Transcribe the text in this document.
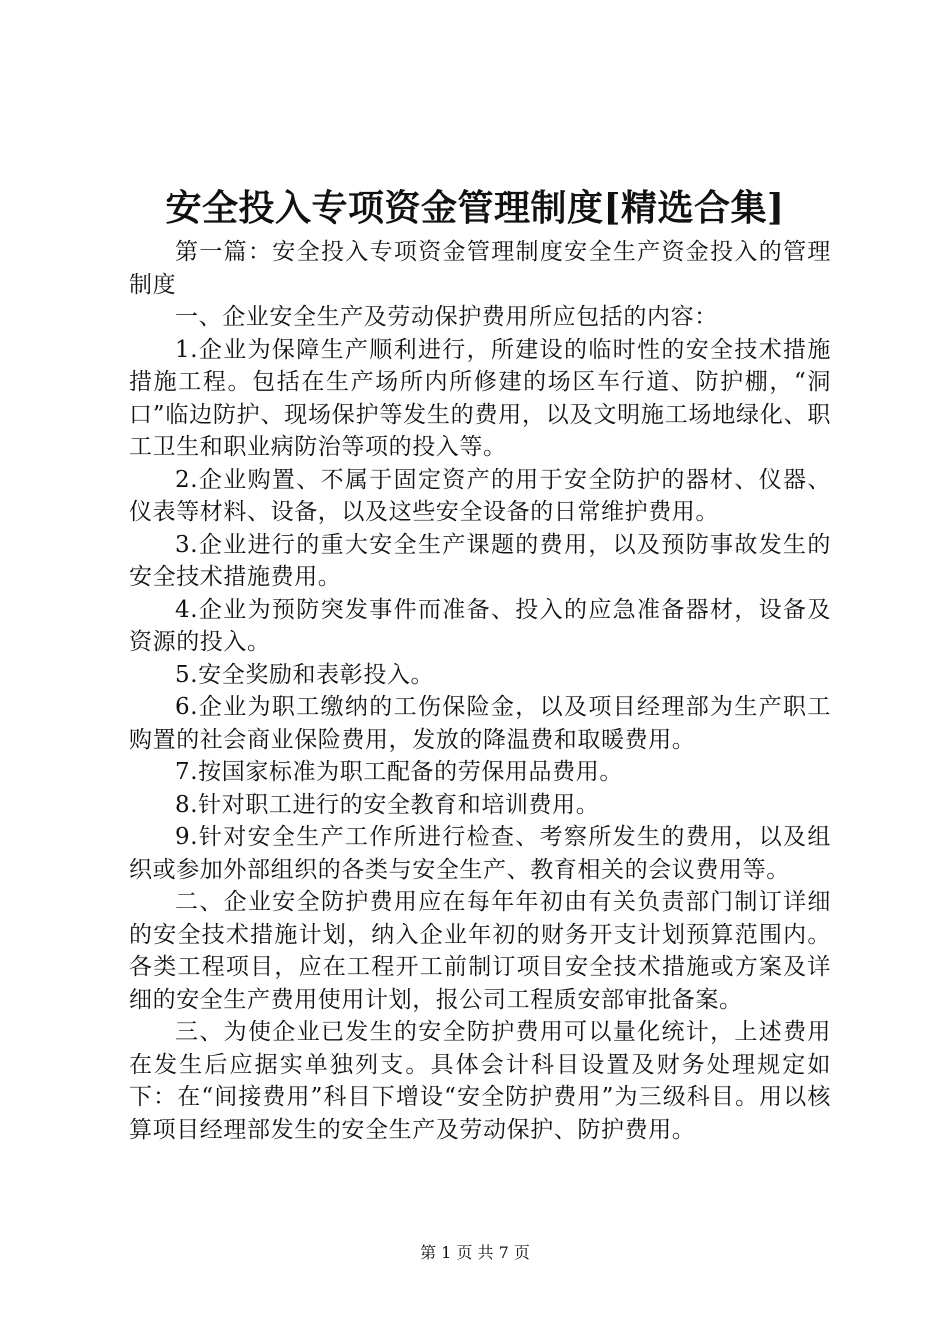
安全投入专项资金管理制度[精选合集]

第一篇：安全投入专项资金管理制度安全生产资金投入的管理制度

一、企业安全生产及劳动保护费用所应包括的内容：

1.企业为保障生产顺利进行，所建设的临时性的安全技术措施措施工程。包括在生产场所内所修建的场区车行道、防护棚，“洞口”临边防护、现场保护等发生的费用，以及文明施工场地绿化、职工卫生和职业病防治等项的投入等。

2.企业购置、不属于固定资产的用于安全防护的器材、仪器、仪表等材料、设备，以及这些安全设备的日常维护费用。

3.企业进行的重大安全生产课题的费用，以及预防事故发生的安全技术措施费用。

4.企业为预防突发事件而准备、投入的应急准备器材，设备及资源的投入。

5.安全奖励和表彰投入。

6.企业为职工缴纳的工伤保险金，以及项目经理部为生产职工购置的社会商业保险费用，发放的降温费和取暖费用。

7.按国家标准为职工配备的劳保用品费用。

8.针对职工进行的安全教育和培训费用。

9.针对安全生产工作所进行检查、考察所发生的费用，以及组织或参加外部组织的各类与安全生产、教育相关的会议费用等。

二、企业安全防护费用应在每年年初由有关负责部门制订详细的安全技术措施计划，纳入企业年初的财务开支计划预算范围内。各类工程项目，应在工程开工前制订项目安全技术措施或方案及详细的安全生产费用使用计划，报公司工程质安部审批备案。

三、为使企业已发生的安全防护费用可以量化统计，上述费用在发生后应据实单独列支。具体会计科目设置及财务处理规定如下：在“间接费用”科目下增设“安全防护费用”为三级科目。用以核算项目经理部发生的安全生产及劳动保护、防护费用。

第 1 页 共 7 页
